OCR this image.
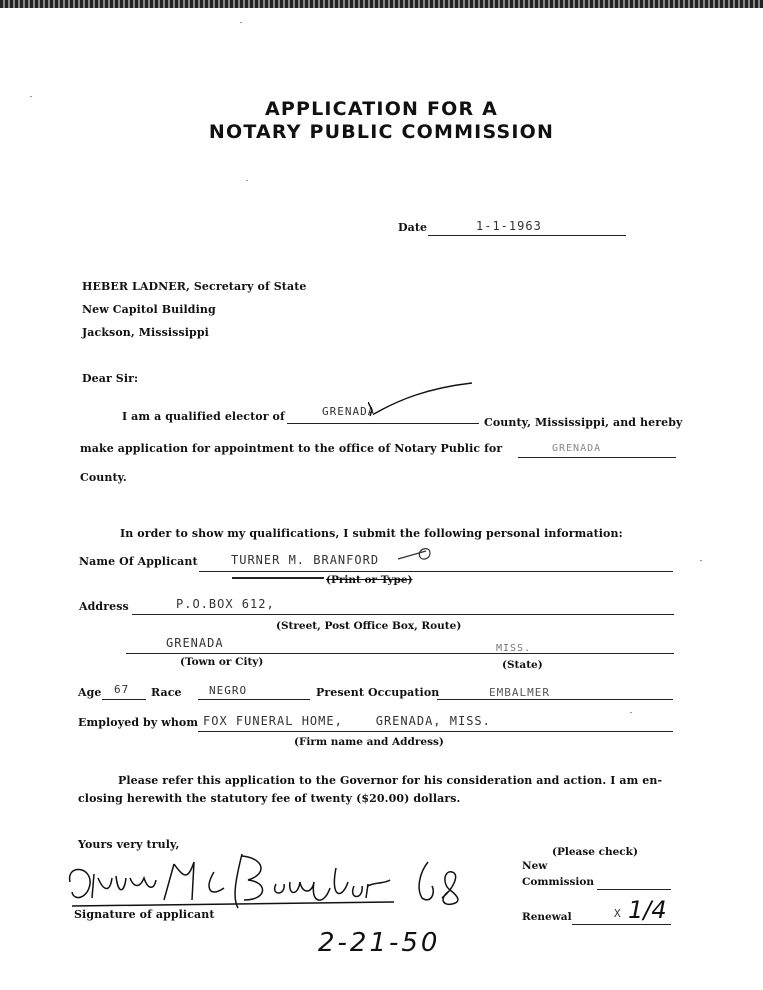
APPLICATION FOR A
NOTARY PUBLIC COMMISSION
Date	1-1-1963
HEBER LADNER, Secretary of State
New Capitol Building
Jackson, Mississippi
Dear Sir:
I am a qualified elector of	GRENADA
County, Mississippi, and hereby
make application for appointment to the office of Notary Public for	GRENADA
County.
In order to show my qualifications, I submit the following personal information:
Name Of Applicant	TURNER M. BRANFORD
(Print or Type)
Address	P.O.BOX 612,
(Street, Post Office Box, Route)
GRENADA	MISS.
(Town or City)	(State)
Age 67 Race NEGRO	Present Occupation	EMBALMER
Employed by whom FOX FUNERAL HOME,    GRENADA, MISS.
(Firm name and Address)
Please refer this application to the Governor for his consideration and action. I am en-
closing herewith the statutory fee of twenty ($20.00) dollars.
Yours very truly,
Signature of applicant
2-21-50
(Please check)
New
Commission
Renewal	X 1/4
